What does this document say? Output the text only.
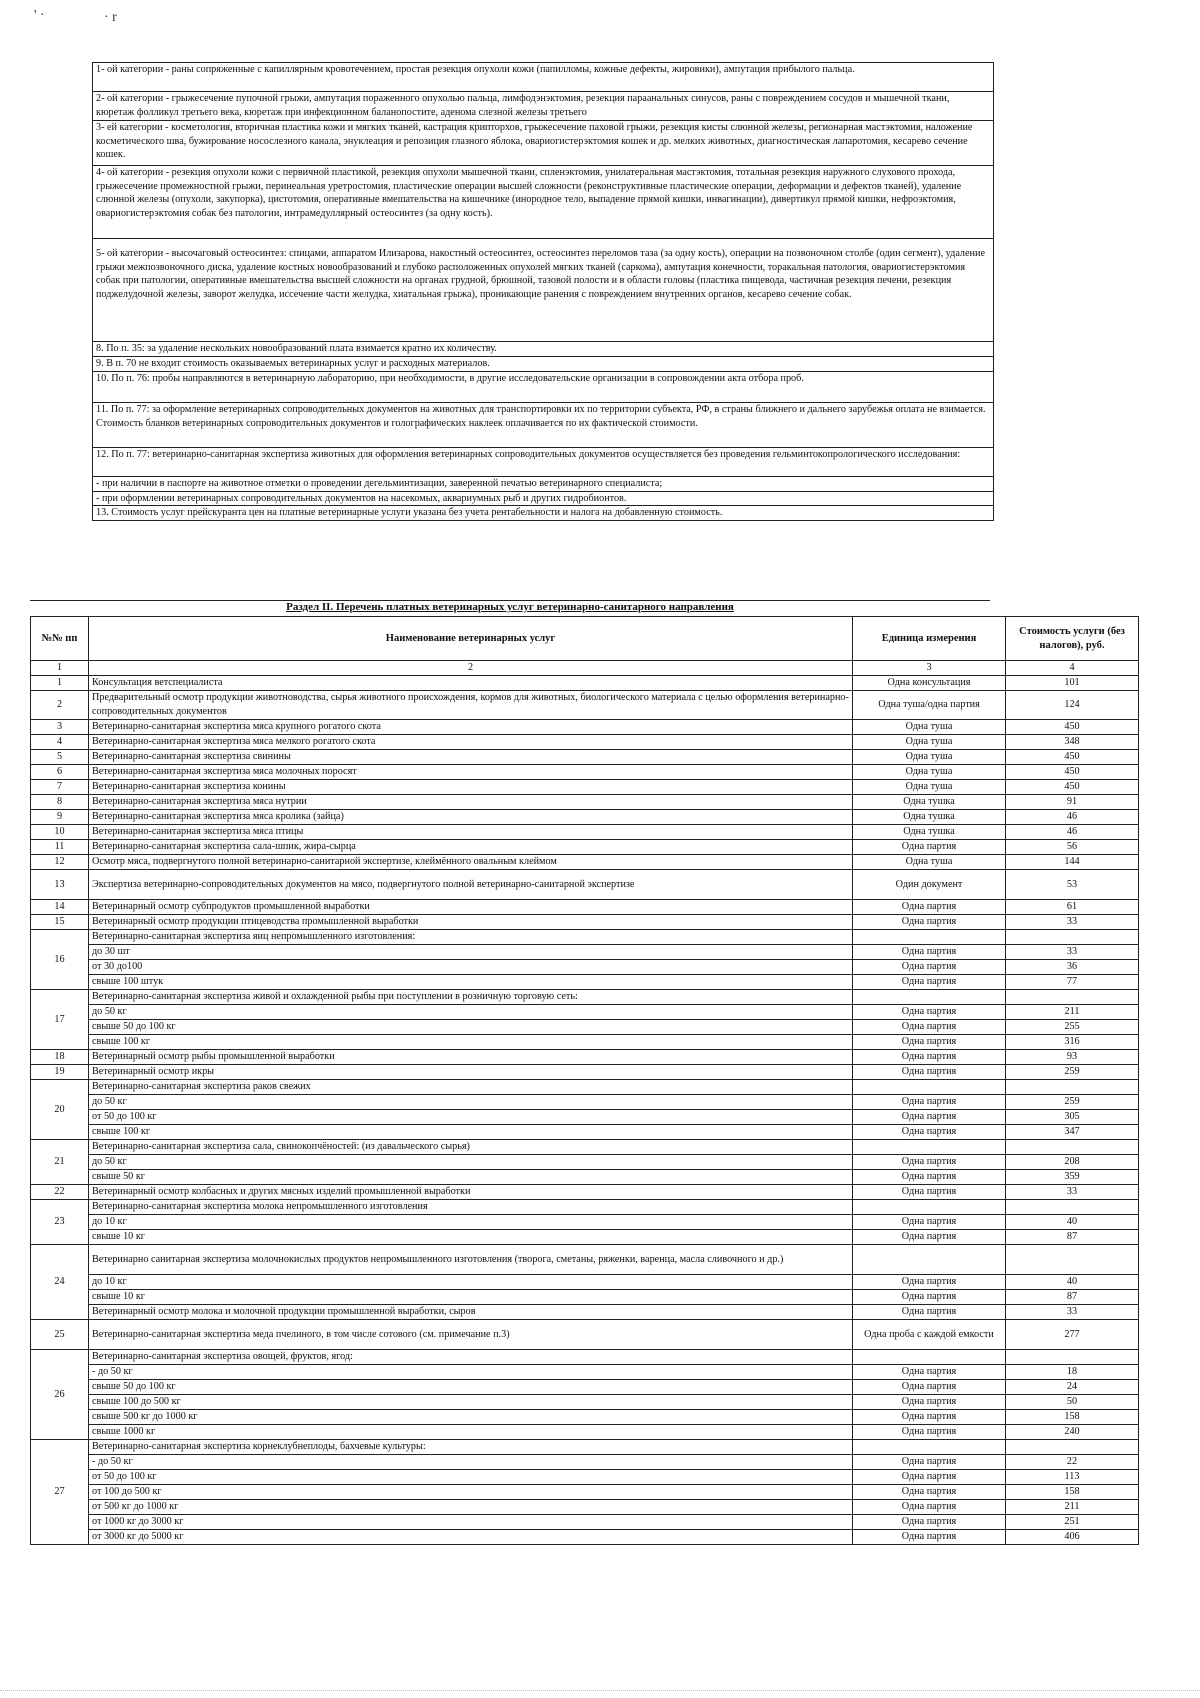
' ·	· r
1- ой категории - раны сопряженные с капиллярным кровотечением, простая резекция опухоли кожи (папилломы, кожные дефекты, жировики), ампутация прибылого пальца.
2- ой категории - грыжесечение пупочной грыжи, ампутация пораженного опухолью пальца, лимфодэнэктомия, резекция параанальных синусов, раны с повреждением сосудов и мышечной ткани, кюретаж фолликул третьего века, кюретаж при инфекционном баланопостите, аденома слезной железы третьего
3- ей категории - косметология, вторичная пластика кожи и мягких тканей, кастрация крипторхов, грыжесечение паховой грыжи, резекция кисты слюнной железы, регионарная мастэктомия, наложение косметического шва, бужирование носослезного канала, энуклеация и репозиция глазного яблока, овариогистерэктомия кошек и др. мелких животных, диагностическая лапаротомия, кесарево сечение кошек.
4- ой категории - резекция опухоли кожи с первичной пластикой, резекция опухоли мышечной ткани, спленэктомия, унилатеральная мастэктомия, тотальная резекция наружного слухового прохода, грыжесечение промежностной грыжи, перинеальная уретростомия, пластические операции высшей сложности (реконструктивные пластические операции, деформации и дефектов тканей), удаление слюнной железы (опухоли, закупорка), цистотомия, оперативные вмешательства на кишечнике (инородное тело, выпадение прямой кишки, инвагинации), дивертикул прямой кишки, нефроэктомия, овариогистерэктомия собак без патологии, интрамедуллярный остеосинтез (за одну кость).
5- ой категории - высочаговый остеосинтез: спицами, аппаратом Илизарова, накостный остеосинтез, остеосинтез переломов таза (за одну кость), операции на позвоночном столбе (один сегмент), удаление грыжи межпозвоночного диска, удаление костных новообразований и глубоко расположенных опухолей мягких тканей (саркома), ампутация конечности, торакальная патология, овариогистерэктомия собак при патологии, оперативные вмешательства высшей сложности на органах грудной, брюшной, тазовой полости и в области головы (пластика пищевода, частичная резекция печени, резекция поджелудочной железы, заворот желудка, иссечение части желудка, хиатальная грыжа), проникающие ранения с повреждением внутренних органов, кесарево сечение собак.
8. По п. 35: за удаление нескольких новообразований плата взимается кратно их количеству.
9. В п. 70 не входит стоимость оказываемых ветеринарных услуг и расходных материалов.
10. По п. 76: пробы направляются в ветеринарную лабораторию, при необходимости, в другие исследовательские организации в сопровождении акта отбора проб.
11. По п. 77: за оформление ветеринарных сопроводительных документов на животных для транспортировки их по территории субъекта, РФ, в страны ближнего и дальнего зарубежья оплата не взимается. Стоимость бланков ветеринарных сопроводительных документов и голографических наклеек оплачивается по их фактической стоимости.
12. По п. 77: ветеринарно-санитарная экспертиза животных для оформления ветеринарных сопроводительных документов осуществляется без проведения гельминтокопрологического исследования:
- при наличии в паспорте на животное отметки о проведении дегельминтизации, заверенной печатью ветеринарного специалиста;
- при оформлении ветеринарных сопроводительных документов на насекомых, аквариумных рыб и других гидробионтов.
13. Стоимость услуг прейскуранта цен на платные ветеринарные услуги указана без учета рентабельности и налога на добавленную стоимость.
Раздел II. Перечень платных ветеринарных услуг ветеринарно-санитарного направления
№№ пп	Наименование ветеринарных услуг	Единица измерения	Стоимость услуги (без налогов), руб.
1	2	3	4
1	Консультация ветспециалиста	Одна консультация	101
2	Предварительный осмотр продукции животноводства, сырья животного происхождения, кормов для животных, биологического материала с целью оформления ветеринарно-сопроводительных документов	Одна туша/одна партия	124
3	Ветеринарно-санитарная экспертиза мяса крупного рогатого скота	Одна туша	450
4	Ветеринарно-санитарная экспертиза мяса мелкого рогатого скота	Одна туша	348
5	Ветеринарно-санитарная экспертиза свинины	Одна туша	450
6	Ветеринарно-санитарная экспертиза мяса молочных поросят	Одна туша	450
7	Ветеринарно-санитарная экспертиза конины	Одна туша	450
8	Ветеринарно-санитарная экспертиза мяса нутрии	Одна тушка	91
9	Ветеринарно-санитарная экспертиза мяса кролика (зайца)	Одна тушка	46
10	Ветеринарно-санитарная экспертиза мяса птицы	Одна тушка	46
11	Ветеринарно-санитарная экспертиза сала-шпик, жира-сырца	Одна партия	56
12	Осмотр мяса, подвергнутого полной ветеринарно-санитарной экспертизе, клеймённого овальным клеймом	Одна туша	144
13	Экспертиза ветеринарно-сопроводительных документов на мясо, подвергнутого полной ветеринарно-санитарной экспертизе	Один документ	53
14	Ветеринарный осмотр субпродуктов промышленной выработки	Одна партия	61
15	Ветеринарный осмотр продукции птицеводства промышленной выработки	Одна партия	33
16	Ветеринарно-санитарная экспертиза яиц непромышленного изготовления:		
	до 30 шт	Одна партия	33
	от 30 до100	Одна партия	36
	свыше 100 штук	Одна партия	77
17	Ветеринарно-санитарная экспертиза живой и охлажденной рыбы при поступлении в розничную торговую сеть:		
	до 50 кг	Одна партия	211
	свыше 50 до 100 кг	Одна партия	255
	свыше 100 кг	Одна партия	316
18	Ветеринарный осмотр рыбы промышленной выработки	Одна партия	93
19	Ветеринарный осмотр икры	Одна партия	259
20	Ветеринарно-санитарная экспертиза раков свежих		
	до 50 кг	Одна партия	259
	от 50 до 100 кг	Одна партия	305
	свыше 100 кг	Одна партия	347
21	Ветеринарно-санитарная экспертиза сала, свинокопчёностей: (из давальческого сырья)		
	до 50 кг	Одна партия	208
	свыше 50 кг	Одна партия	359
22	Ветеринарный осмотр колбасных и других мясных изделий промышленной выработки	Одна партия	33
23	Ветеринарно-санитарная экспертиза молока непромышленного изготовления		
	до 10 кг	Одна партия	40
	свыше 10 кг	Одна партия	87
24	Ветеринарно санитарная экспертиза молочнокислых продуктов непромышленного изготовления (творога, сметаны, ряженки, варенца, масла сливочного и др.)		
	до 10 кг	Одна партия	40
	свыше 10 кг	Одна партия	87
	Ветеринарный осмотр молока и молочной продукции промышленной выработки, сыров	Одна партия	33
25	Ветеринарно-санитарная экспертиза меда пчелиного, в том числе сотового (см. примечание п.3)	Одна проба с каждой емкости	277
26	Ветеринарно-санитарная экспертиза овощей, фруктов, ягод:		
	- до 50 кг	Одна партия	18
	свыше 50 до 100 кг	Одна партия	24
	свыше 100 до 500 кг	Одна партия	50
	свыше 500 кг до 1000 кг	Одна партия	158
	свыше 1000 кг	Одна партия	240
27	Ветеринарно-санитарная экспертиза корнеклубнеплоды, бахчевые культуры:		
	- до 50 кг	Одна партия	22
	от 50 до 100 кг	Одна партия	113
	от 100 до 500 кг	Одна партия	158
	от 500 кг до 1000 кг	Одна партия	211
	от 1000 кг до 3000 кг	Одна партия	251
	от 3000 кг до 5000 кг	Одна партия	406
